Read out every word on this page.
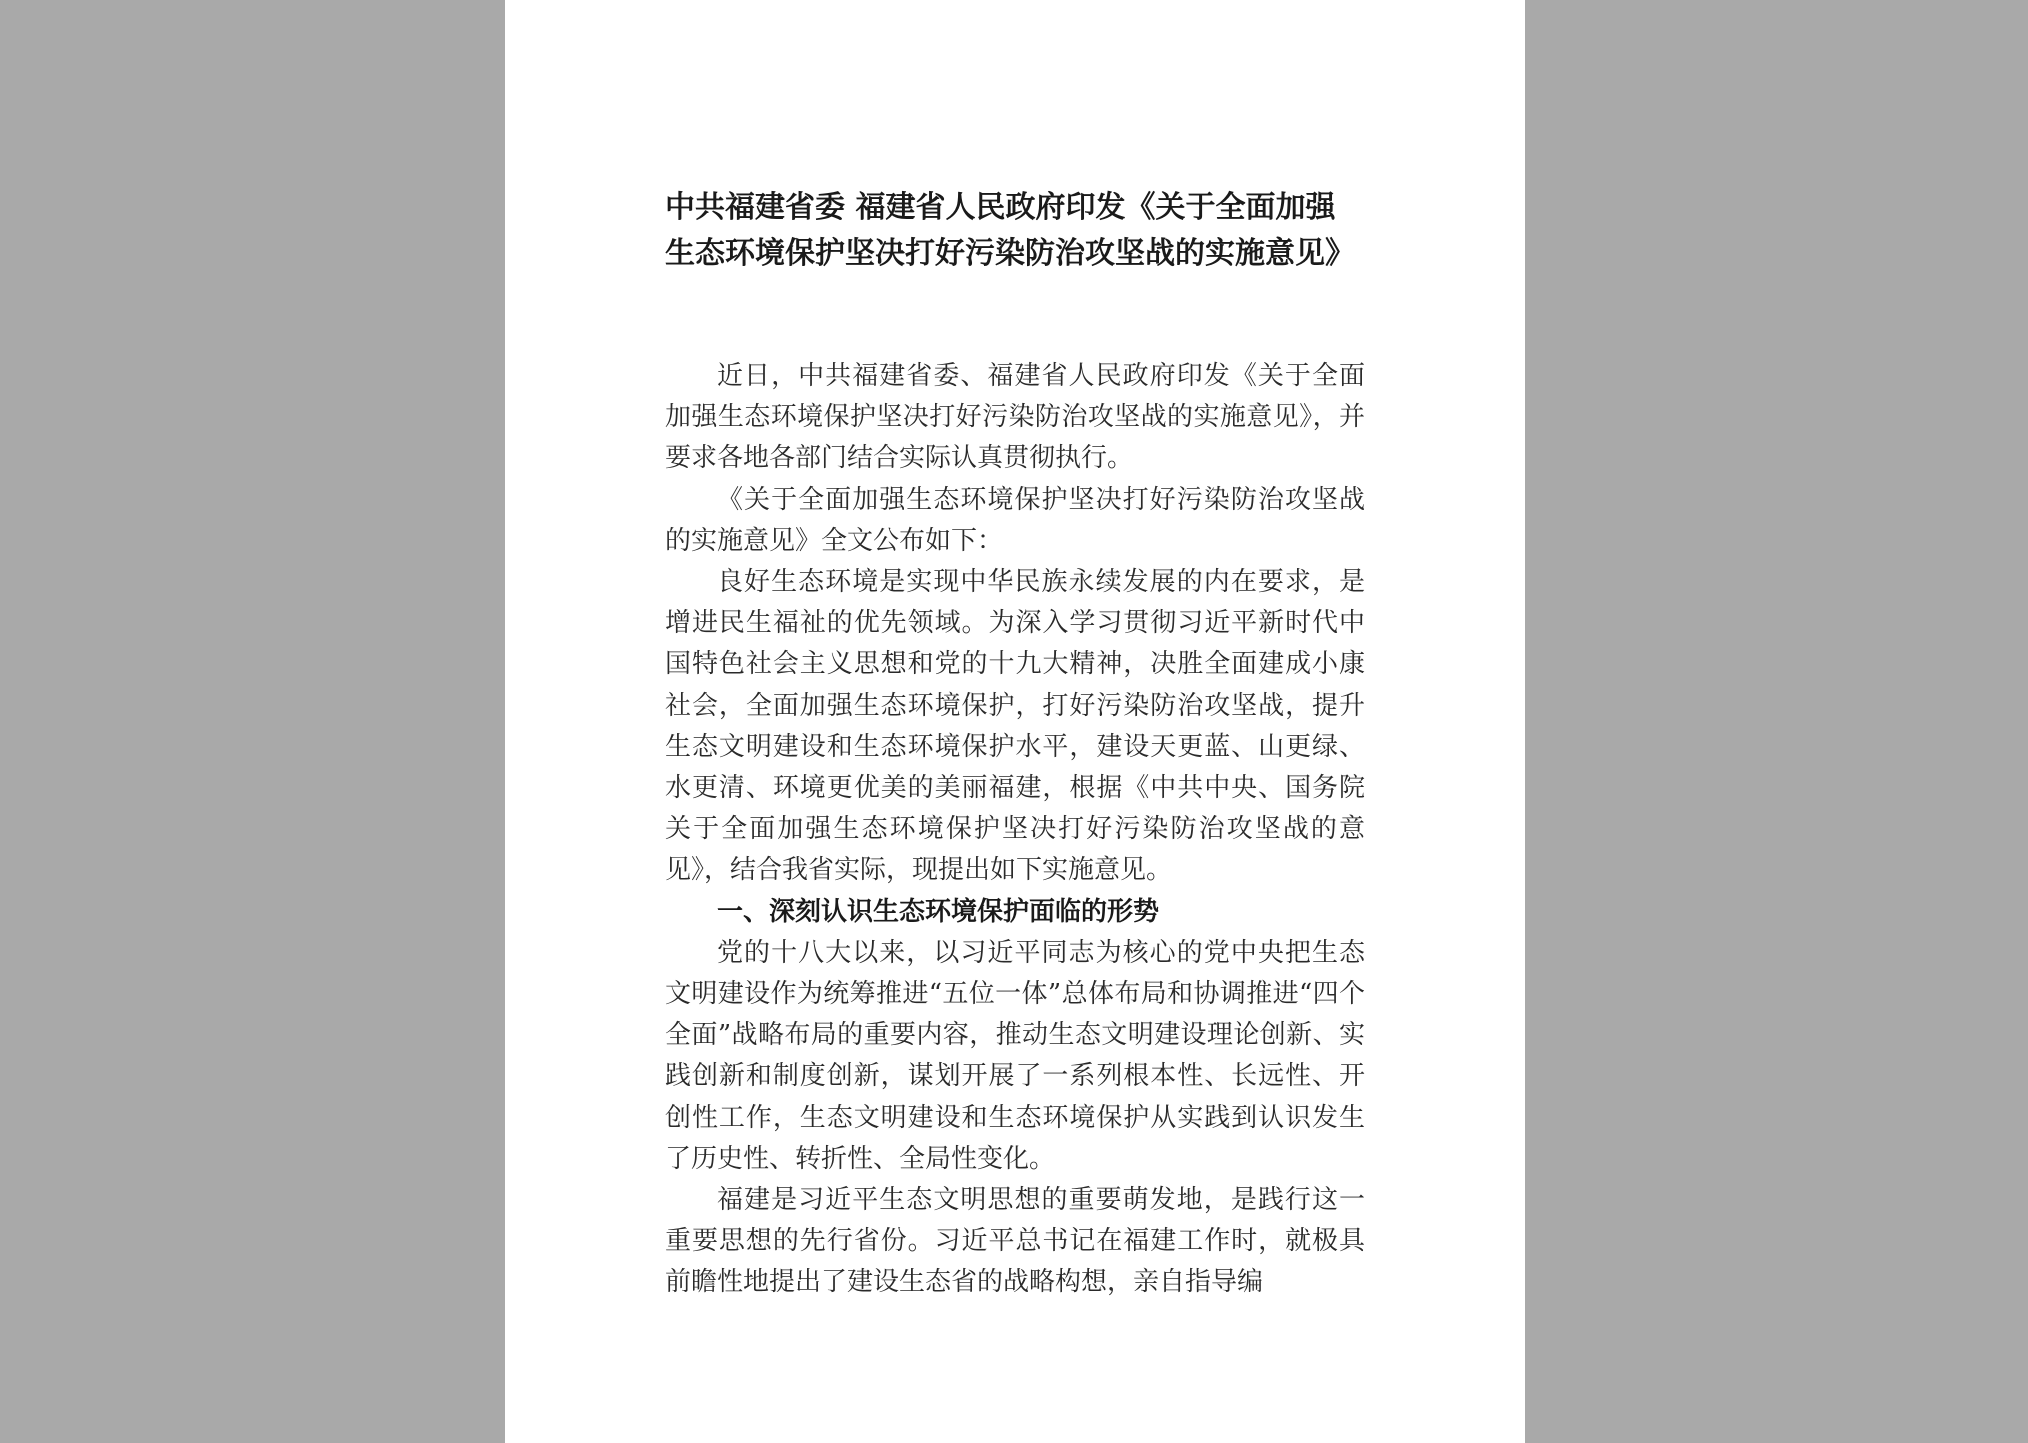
中共福建省委 福建省人民政府印发《关于全面加强
生态环境保护坚决打好污染防治攻坚战的实施意见》

近日，中共福建省委、福建省人民政府印发《关于全面加强生态环境保护坚决打好污染防治攻坚战的实施意见》，并要求各地各部门结合实际认真贯彻执行。

《关于全面加强生态环境保护坚决打好污染防治攻坚战的实施意见》全文公布如下：

良好生态环境是实现中华民族永续发展的内在要求，是增进民生福祉的优先领域。为深入学习贯彻习近平新时代中国特色社会主义思想和党的十九大精神，决胜全面建成小康社会，全面加强生态环境保护，打好污染防治攻坚战，提升生态文明建设和生态环境保护水平，建设天更蓝、山更绿、水更清、环境更优美的美丽福建，根据《中共中央、国务院关于全面加强生态环境保护坚决打好污染防治攻坚战的意见》，结合我省实际，现提出如下实施意见。

一、深刻认识生态环境保护面临的形势

党的十八大以来，以习近平同志为核心的党中央把生态文明建设作为统筹推进“五位一体”总体布局和协调推进“四个全面”战略布局的重要内容，推动生态文明建设理论创新、实践创新和制度创新，谋划开展了一系列根本性、长远性、开创性工作，生态文明建设和生态环境保护从实践到认识发生了历史性、转折性、全局性变化。

福建是习近平生态文明思想的重要萌发地，是践行这一重要思想的先行省份。习近平总书记在福建工作时，就极具前瞻性地提出了建设生态省的战略构想，亲自指导编
